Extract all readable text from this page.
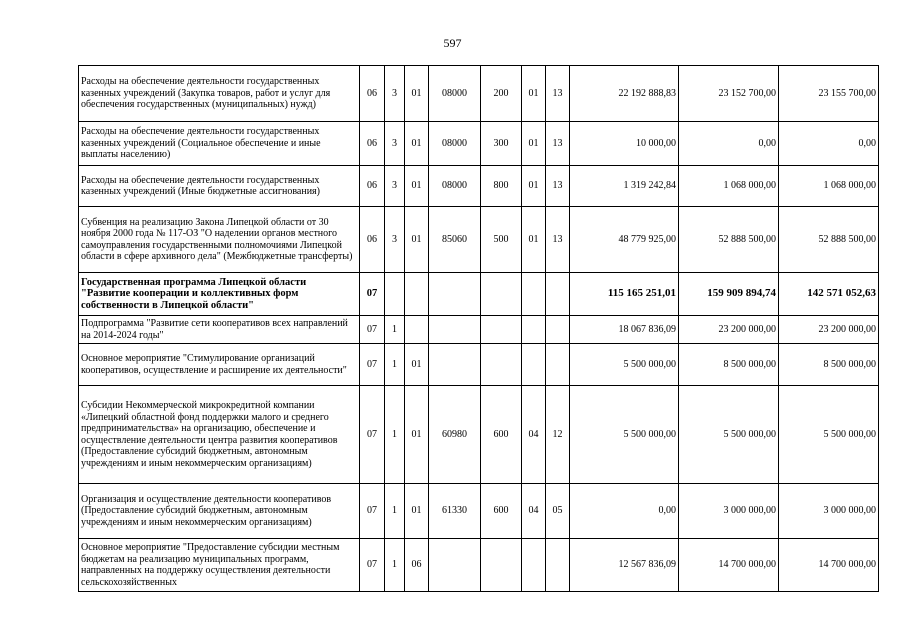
597
Расходы на обеспечение деятельности государственных казенных учреждений (Закупка товаров, работ и услуг для обеспечения государственных (муниципальных) нужд)	06	3	01	08000	200	01	13	22 192 888,83	23 152 700,00	23 155 700,00
Расходы на обеспечение деятельности государственных казенных учреждений (Социальное обеспечение и иные выплаты населению)	06	3	01	08000	300	01	13	10 000,00	0,00	0,00
Расходы на обеспечение деятельности государственных казенных учреждений (Иные бюджетные ассигнования)	06	3	01	08000	800	01	13	1 319 242,84	1 068 000,00	1 068 000,00
Субвенция на реализацию Закона Липецкой области от 30 ноября 2000 года № 117-ОЗ "О наделении органов местного самоуправления государственными полномочиями Липецкой области в сфере архивного дела" (Межбюджетные трансферты)	06	3	01	85060	500	01	13	48 779 925,00	52 888 500,00	52 888 500,00
Государственная программа Липецкой области "Развитие кооперации и коллективных форм собственности в Липецкой области"	07							115 165 251,01	159 909 894,74	142 571 052,63
Подпрограмма "Развитие сети кооперативов всех направлений на 2014-2024 годы"	07	1						18 067 836,09	23 200 000,00	23 200 000,00
Основное мероприятие "Стимулирование организаций кооперативов, осуществление и расширение их деятельности"	07	1	01					5 500 000,00	8 500 000,00	8 500 000,00
Субсидии Некоммерческой микрокредитной компании «Липецкий областной фонд поддержки малого и среднего предпринимательства» на организацию, обеспечение и осуществление деятельности центра развития кооперативов (Предоставление субсидий бюджетным, автономным учреждениям и иным некоммерческим организациям)	07	1	01	60980	600	04	12	5 500 000,00	5 500 000,00	5 500 000,00
Организация и осуществление деятельности кооперативов (Предоставление субсидий бюджетным, автономным учреждениям и иным некоммерческим организациям)	07	1	01	61330	600	04	05	0,00	3 000 000,00	3 000 000,00
Основное мероприятие "Предоставление субсидии местным бюджетам на реализацию муниципальных программ, направленных на поддержку осуществления деятельности сельскохозяйственных	07	1	06					12 567 836,09	14 700 000,00	14 700 000,00
